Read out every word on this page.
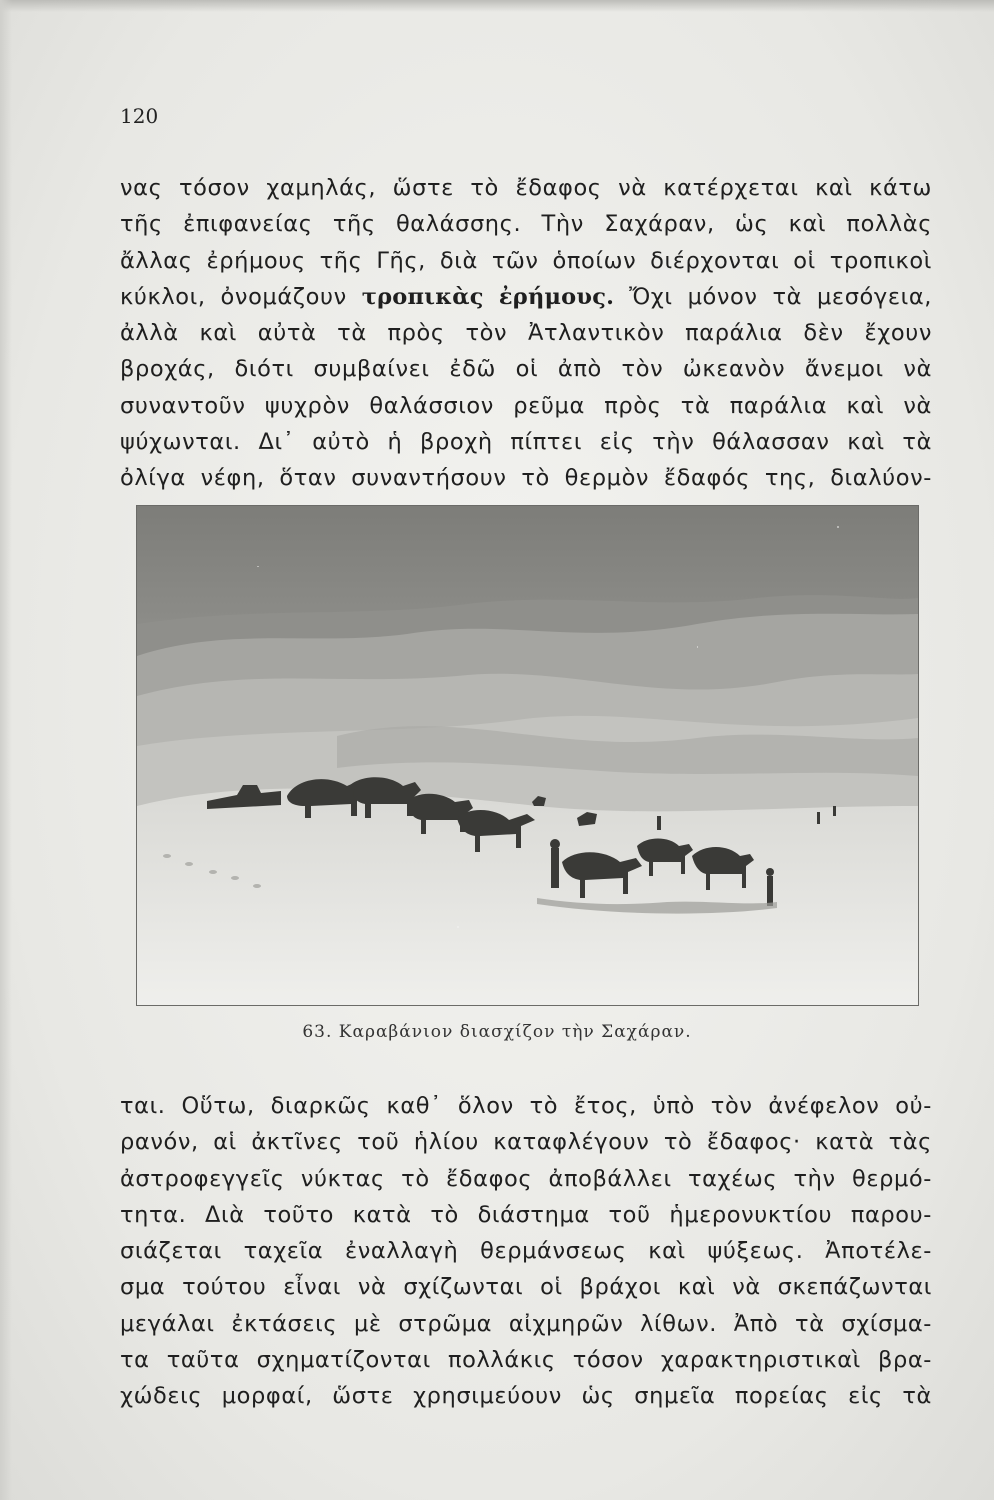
120
νας τόσον χαμηλάς, ὥστε τὸ ἔδαφος νὰ κατέρχεται καὶ κάτω
τῆς ἐπιφανείας τῆς θαλάσσης. Τὴν Σαχάραν, ὡς καὶ πολλὰς
ἄλλας ἐρήμους τῆς Γῆς, διὰ τῶν ὁποίων διέρχονται οἱ τροπικοὶ
κύκλοι, ὀνομάζουν τροπικὰς ἐρήμους. Ὄχι μόνον τὰ μεσόγεια,
ἀλλὰ καὶ αὐτὰ τὰ πρὸς τὸν Ἀτλαντικὸν παράλια δὲν ἔχουν
βροχάς, διότι συμβαίνει ἐδῶ οἱ ἀπὸ τὸν ὠκεανὸν ἄνεμοι νὰ
συναντοῦν ψυχρὸν θαλάσσιον ρεῦμα πρὸς τὰ παράλια καὶ νὰ
ψύχωνται. Δι᾿ αὐτὸ ἡ βροχὴ πίπτει εἰς τὴν θάλασσαν καὶ τὰ
ὀλίγα νέφη, ὅταν συναντήσουν τὸ θερμὸν ἔδαφός της, διαλύον-
63. Καραβάνιον διασχίζον τὴν Σαχάραν.
ται. Οὕτω, διαρκῶς καθ᾿ ὅλον τὸ ἔτος, ὑπὸ τὸν ἀνέφελον οὐ-
ρανόν, αἱ ἀκτῖνες τοῦ ἡλίου καταφλέγουν τὸ ἔδαφος· κατὰ τὰς
ἀστροφεγγεῖς νύκτας τὸ ἔδαφος ἀποβάλλει ταχέως τὴν θερμό-
τητα. Διὰ τοῦτο κατὰ τὸ διάστημα τοῦ ἡμερονυκτίου παρου-
σιάζεται ταχεῖα ἐναλλαγὴ θερμάνσεως καὶ ψύξεως. Ἀποτέλε-
σμα τούτου εἶναι νὰ σχίζωνται οἱ βράχοι καὶ νὰ σκεπάζωνται
μεγάλαι ἐκτάσεις μὲ στρῶμα αἰχμηρῶν λίθων. Ἀπὸ τὰ σχίσμα-
τα ταῦτα σχηματίζονται πολλάκις τόσον χαρακτηριστικαὶ βρα-
χώδεις μορφαί, ὥστε χρησιμεύουν ὡς σημεῖα πορείας εἰς τὰ
